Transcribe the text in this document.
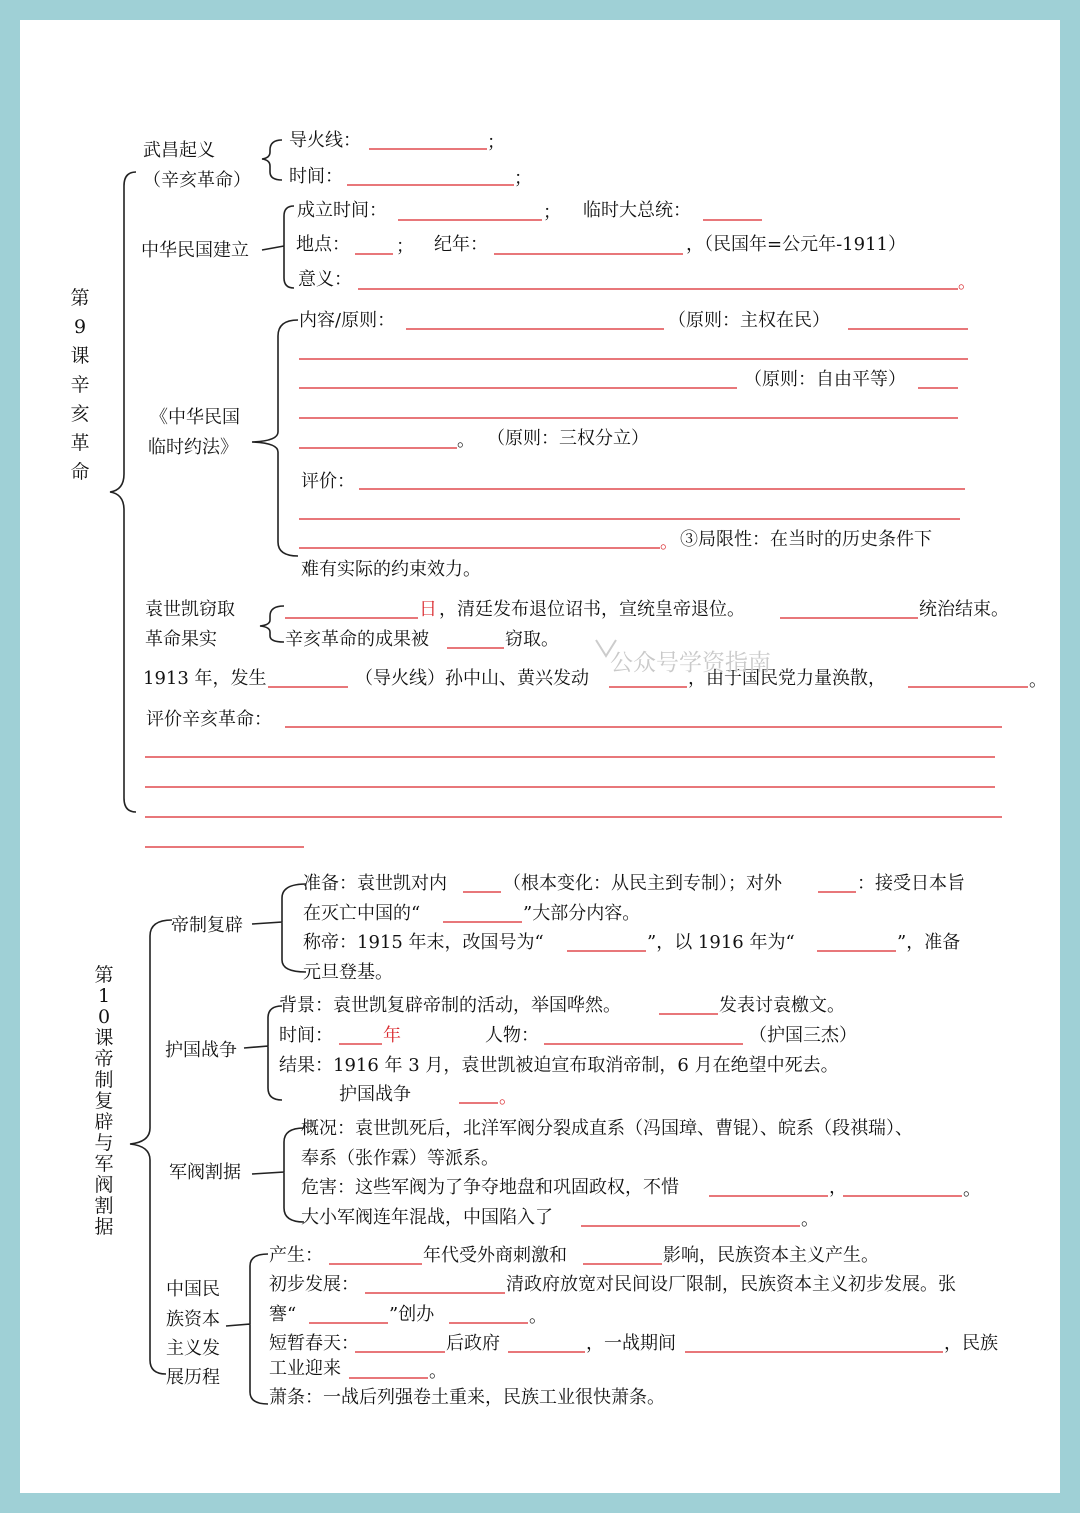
第9课 辛亥革命
第10课 帝制复辟与军阀割据
武昌起义
（辛亥革命）
导火线：	；
时间：	；
中华民国建立
成立时间：	； 临时大总统：
地点：	； 纪年：	，（民国年=公元年-1911）
意义：	。
《中华民国
临时约法》
内容/原则：	（原则：主权在民）
（原则：自由平等）
。 （原则：三权分立）
评价：
。 ③局限性：在当时的历史条件下
难有实际的约束效力。
袁世凯窃取
革命果实
日 ，清廷发布退位诏书，宣统皇帝退位。	统治结束。
辛亥革命的成果被	窃取。
1913 年，发生	（导火线）孙中山、黄兴发动	，由于国民党力量涣散，	。
评价辛亥革命：
帝制复辟
准备：袁世凯对内	（根本变化：从民主到专制）；对外	：接受日本旨
在灭亡中国的“	”大部分内容。
称帝：1915 年末，改国号为“	”，以 1916 年为“	”，准备
元旦登基。
护国战争
背景：袁世凯复辟帝制的活动，举国哗然。	发表讨袁檄文。
时间：	年	人物：	（护国三杰）
结果：1916 年 3 月，袁世凯被迫宣布取消帝制，6 月在绝望中死去。
护国战争	。
军阀割据
概况：袁世凯死后，北洋军阀分裂成直系（冯国璋、曹锟）、皖系（段祺瑞）、
奉系（张作霖）等派系。
危害：这些军阀为了争夺地盘和巩固政权，不惜	，	。
大小军阀连年混战，中国陷入了	。
中国民
族资本
主义发
展历程
产生：	年代受外商刺激和	影响，民族资本主义产生。
初步发展：	清政府放宽对民间设厂限制，民族资本主义初步发展。张
謇“	”创办	。
短暂春天：	后政府	，一战期间	，民族
工业迎来	。
萧条：一战后列强卷土重来，民族工业很快萧条。
公众号学资指南
